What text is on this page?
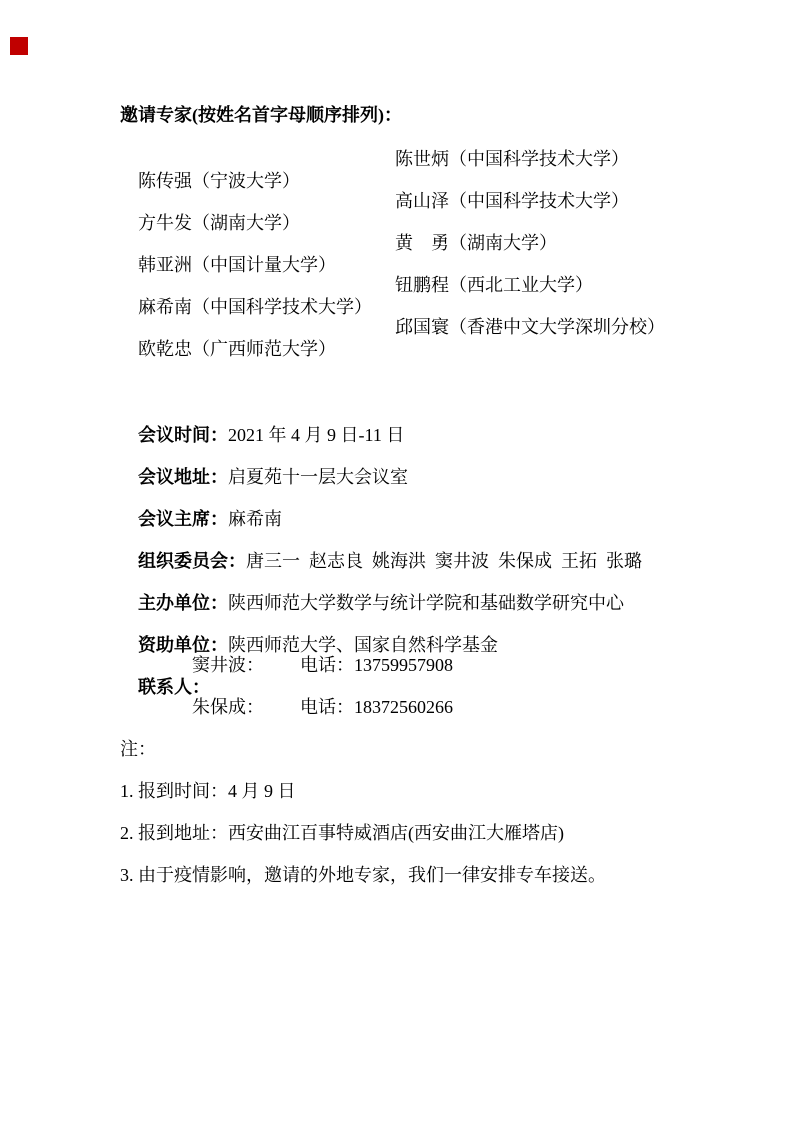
邀请专家(按姓名首字母顺序排列)：

陈传强（宁波大学）

陈世炳（中国科学技术大学）

方牛发（湖南大学）

高山泽（中国科学技术大学）

韩亚洲（中国计量大学）

黄　勇（湖南大学）

麻希南（中国科学技术大学）

钮鹏程（西北工业大学）

欧乾忠（广西师范大学）

邱国寰（香港中文大学深圳分校）

会议时间：2021 年 4 月 9 日-11 日

会议地址：启夏苑十一层大会议室

会议主席：麻希南

组织委员会：唐三一  赵志良  姚海洪  窦井波  朱保成  王拓  张璐

主办单位：陕西师范大学数学与统计学院和基础数学研究中心

资助单位：陕西师范大学、国家自然科学基金

联系人：

窦井波：

电话：13759957908

朱保成：

电话：18372560266

注：
1. 报到时间：4 月 9 日
2. 报到地址：西安曲江百事特威酒店(西安曲江大雁塔店)
3. 由于疫情影响，邀请的外地专家，我们一律安排专车接送。
